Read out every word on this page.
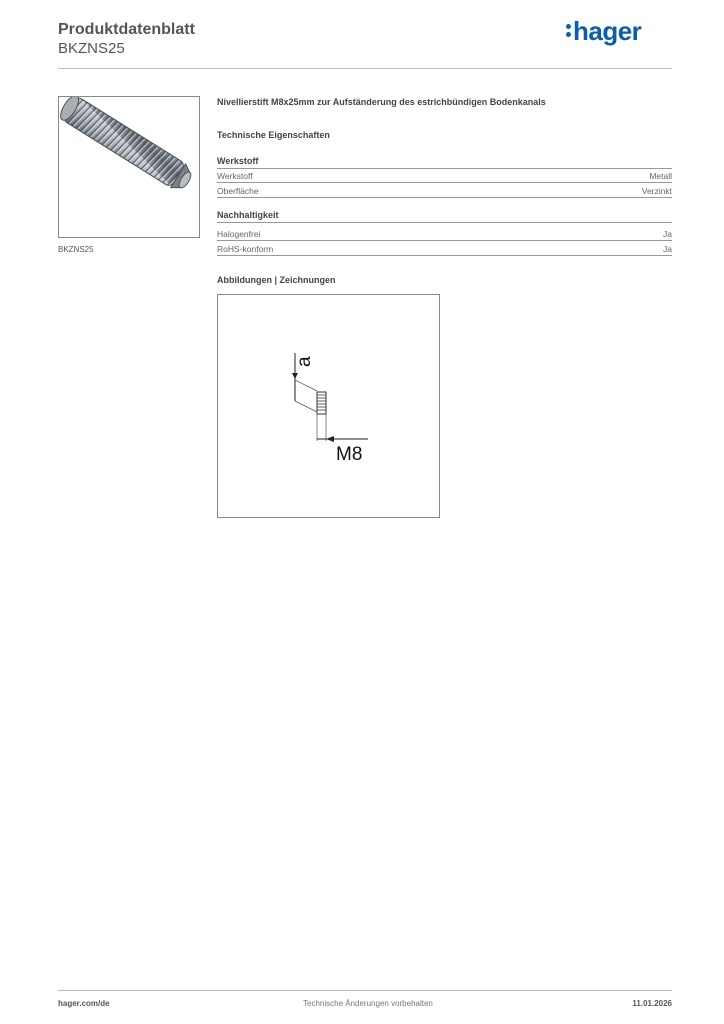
Produktdatenblatt
BKZNS25
hager
BKZNS25
Nivellierstift M8x25mm zur Aufständerung des estrichbündigen Bodenkanals
Technische Eigenschaften
Werkstoff
Werkstoff	Metall
Oberfläche	Verzinkt
Nachhaltigkeit
Halogenfrei	Ja
RoHS-konform	Ja
Abbildungen | Zeichnungen
a
M8
hager.com/de	Technische Änderungen vorbehalten	11.01.2026
